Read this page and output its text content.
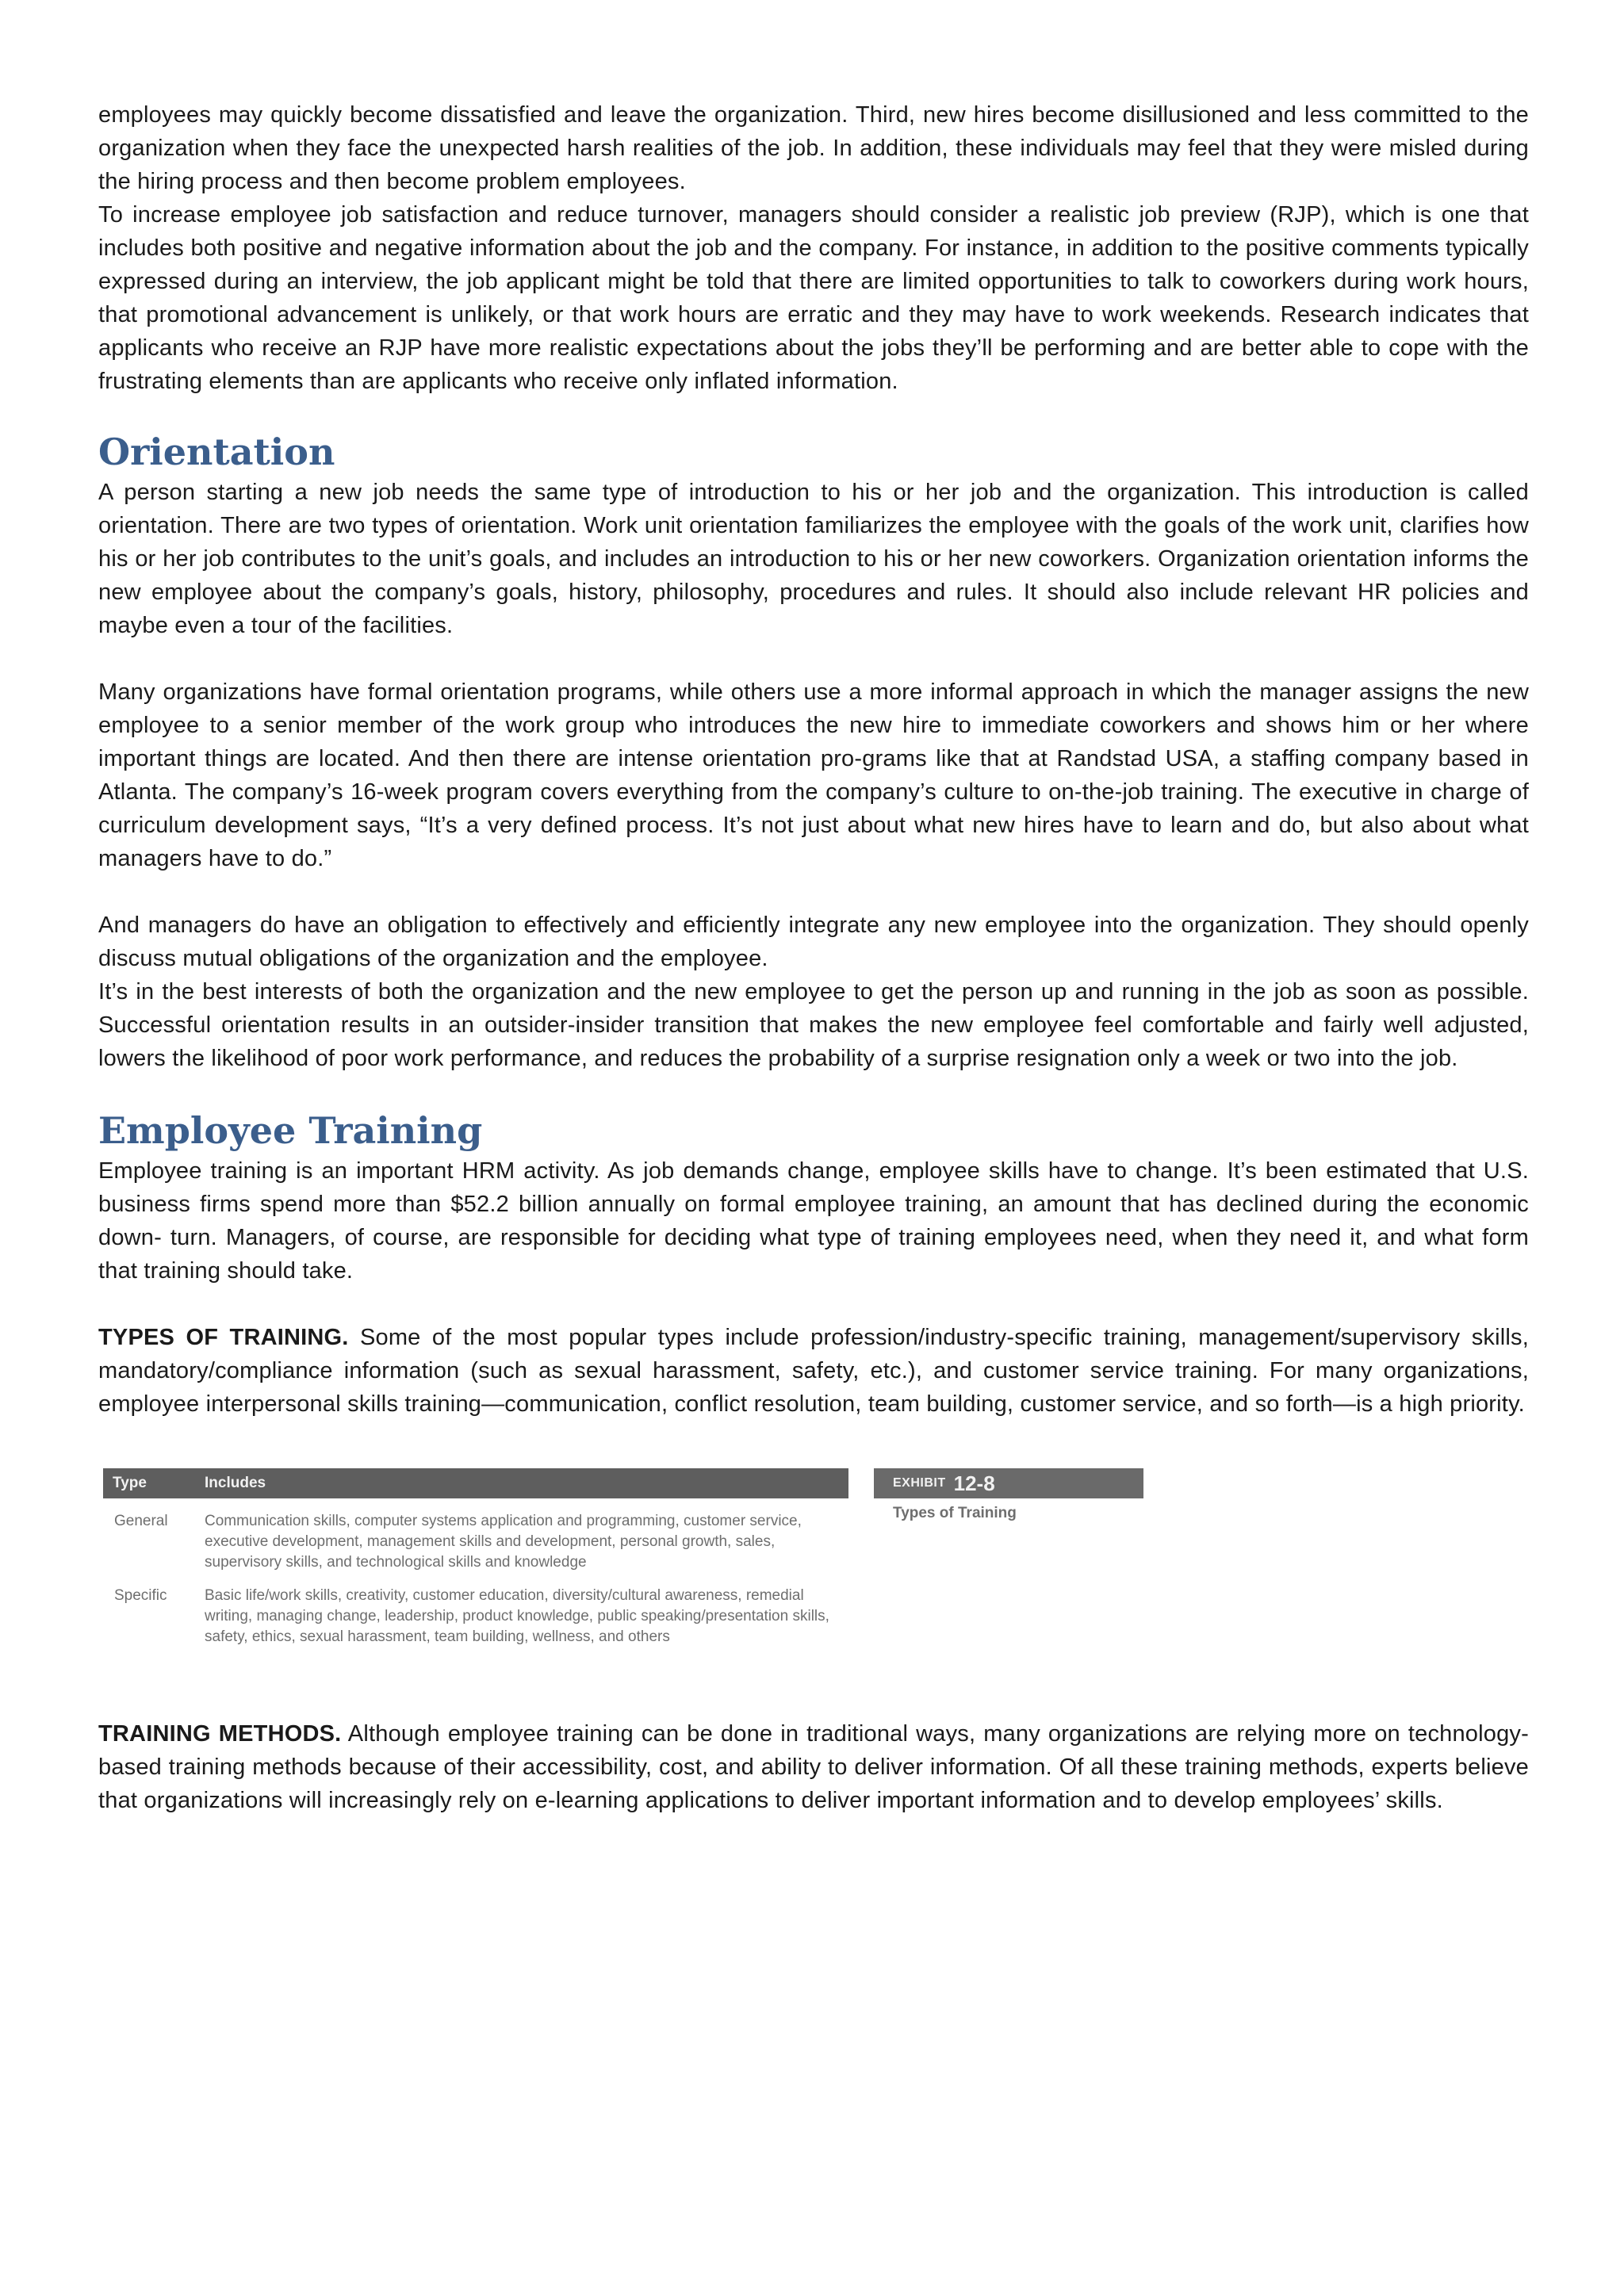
employees may quickly become dissatisfied and leave the organization. Third, new hires become disillusioned and less committed to the organization when they face the unexpected harsh realities of the job. In addition, these individuals may feel that they were misled during the hiring process and then become problem employees.

To increase employee job satisfaction and reduce turnover, managers should consider a realistic job preview (RJP), which is one that includes both positive and negative information about the job and the company. For instance, in addition to the positive comments typically expressed during an interview, the job applicant might be told that there are limited opportunities to talk to coworkers during work hours, that promotional advancement is unlikely, or that work hours are erratic and they may have to work weekends. Research indicates that applicants who receive an RJP have more realistic expectations about the jobs they’ll be performing and are better able to cope with the frustrating elements than are applicants who receive only inflated information.

Orientation

A person starting a new job needs the same type of introduction to his or her job and the organization. This introduction is called orientation. There are two types of orientation. Work unit orientation familiarizes the employee with the goals of the work unit, clarifies how his or her job contributes to the unit’s goals, and includes an introduction to his or her new coworkers. Organization orientation informs the new employee about the company’s goals, history, philosophy, procedures and rules. It should also include relevant HR policies and maybe even a tour of the facilities.

Many organizations have formal orientation programs, while others use a more informal approach in which the manager assigns the new employee to a senior member of the work group who introduces the new hire to immediate coworkers and shows him or her where important things are located. And then there are intense orientation pro-grams like that at Randstad USA, a staffing company based in Atlanta. The company’s 16-week program covers everything from the company’s culture to on-the-job training. The executive in charge of curriculum development says, “It’s a very defined process. It’s not just about what new hires have to learn and do, but also about what managers have to do.”

And managers do have an obligation to effectively and efficiently integrate any new employee into the organization. They should openly discuss mutual obligations of the organization and the employee.

It’s in the best interests of both the organization and the new employee to get the person up and running in the job as soon as possible. Successful orientation results in an outsider-insider transition that makes the new employee feel comfortable and fairly well adjusted, lowers the likelihood of poor work performance, and reduces the probability of a surprise resignation only a week or two into the job.

Employee Training

Employee training is an important HRM activity. As job demands change, employee skills have to change. It’s been estimated that U.S. business firms spend more than $52.2 billion annually on formal employee training, an amount that has declined during the economic down- turn. Managers, of course, are responsible for deciding what type of training employees need, when they need it, and what form that training should take.

TYPES OF TRAINING. Some of the most popular types include profession/industry-specific training, management/supervisory skills, mandatory/compliance information (such as sexual harassment, safety, etc.), and customer service training. For many organizations, employee interpersonal skills training—communication, conflict resolution, team building, customer service, and so forth—is a high priority.

Type	Includes
General	Communication skills, computer systems application and programming, customer service, executive development, management skills and development, personal growth, sales, supervisory skills, and technological skills and knowledge
Specific	Basic life/work skills, creativity, customer education, diversity/cultural awareness, remedial writing, managing change, leadership, product knowledge, public speaking/presentation skills, safety, ethics, sexual harassment, team building, wellness, and others
EXHIBIT 12-8
Types of Training

TRAINING METHODS. Although employee training can be done in traditional ways, many organizations are relying more on technology-based training methods because of their accessibility, cost, and ability to deliver information. Of all these training methods, experts believe that organizations will increasingly rely on e-learning applications to deliver important information and to develop employees’ skills.
